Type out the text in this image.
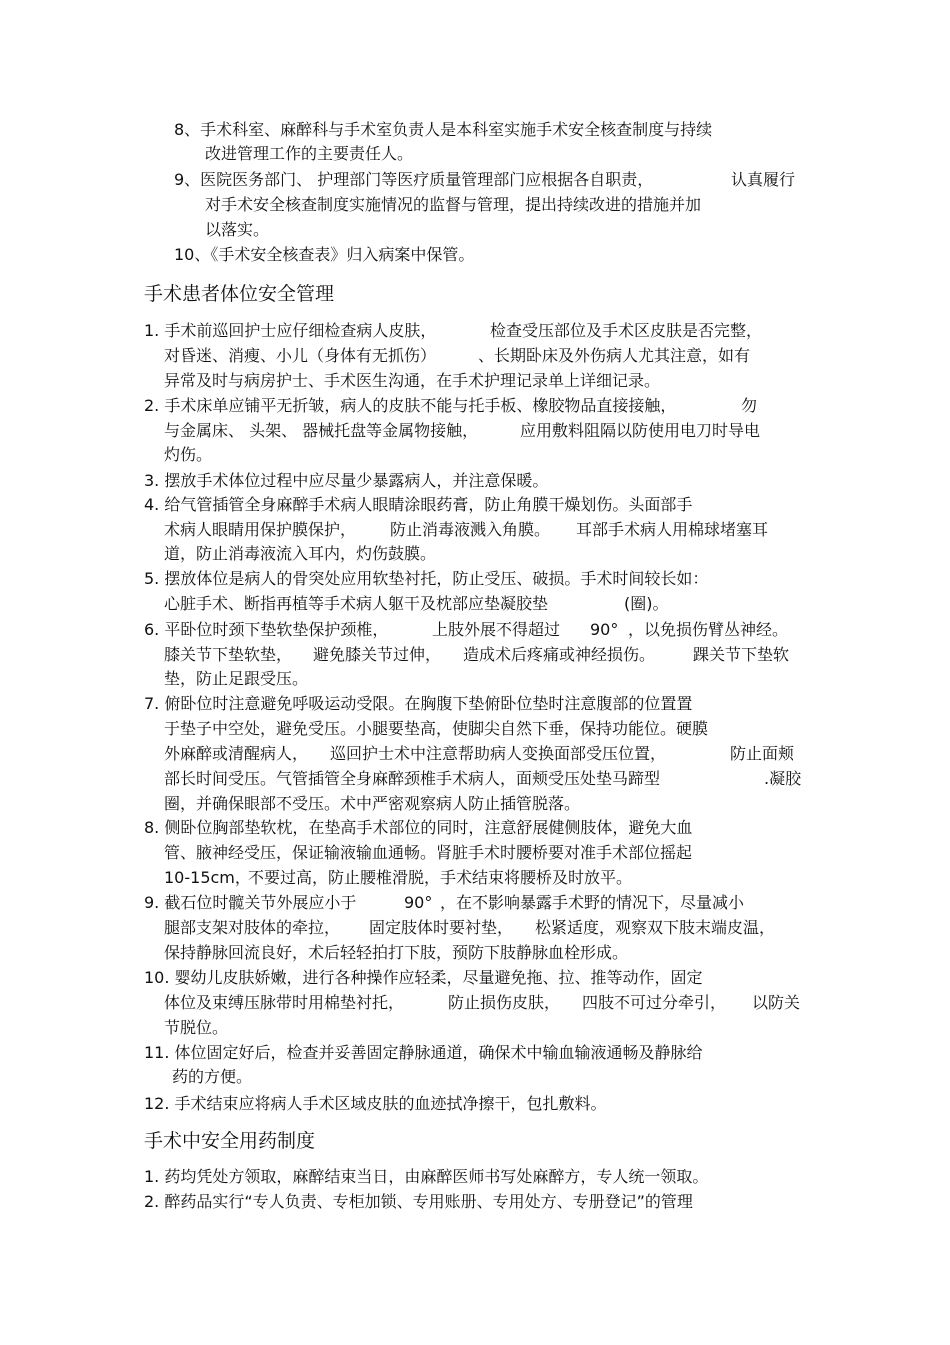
8、手术科室、麻醉科与手术室负责人是本科室实施手术安全核查制度与持续
改进管理工作的主要责任人。
9、医院医务部门、 护理部门等医疗质量管理部门应根据各自职责，	认真履行
对手术安全核查制度实施情况的监督与管理，提出持续改进的措施并加
以落实。
10、《手术安全核查表》归入病案中保管。
手术患者体位安全管理
1. 手术前巡回护士应仔细检查病人皮肤，	检查受压部位及手术区皮肤是否完整，
对昏迷、消瘦、小儿（身体有无抓伤）	、长期卧床及外伤病人尤其注意，如有
异常及时与病房护士、手术医生沟通，在手术护理记录单上详细记录。
2. 手术床单应铺平无折皱，病人的皮肤不能与托手板、橡胶物品直接接触，	勿
与金属床、 头架、 器械托盘等金属物接触，	应用敷料阻隔以防使用电刀时导电
灼伤。
3. 摆放手术体位过程中应尽量少暴露病人，并注意保暖。
4. 给气管插管全身麻醉手术病人眼睛涂眼药膏，防止角膜干燥划伤。头面部手
术病人眼睛用保护膜保护， 防止消毒液溅入角膜。 耳部手术病人用棉球堵塞耳
道，防止消毒液流入耳内，灼伤鼓膜。
5. 摆放体位是病人的骨突处应用软垫衬托，防止受压、破损。手术时间较长如：
心脏手术、断指再植等手术病人躯干及枕部应垫凝胶垫	(圈)。
6. 平卧位时颈下垫软垫保护颈椎，	上肢外展不得超过 90° ，以免损伤臂丛神经。
膝关节下垫软垫， 避免膝关节过伸， 造成术后疼痛或神经损伤。 踝关节下垫软
垫，防止足跟受压。
7. 俯卧位时注意避免呼吸运动受限。在胸腹下垫俯卧位垫时注意腹部的位置置
于垫子中空处，避免受压。小腿要垫高，使脚尖自然下垂，保持功能位。硬膜
外麻醉或清醒病人， 巡回护士术中注意帮助病人变换面部受压位置，	防止面颊
部长时间受压。气管插管全身麻醉颈椎手术病人，面颊受压处垫马蹄型	.凝胶
圈，并确保眼部不受压。术中严密观察病人防止插管脱落。
8. 侧卧位胸部垫软枕，在垫高手术部位的同时，注意舒展健侧肢体，避免大血
管、腋神经受压，保证输液输血通畅。肾脏手术时腰桥要对准手术部位摇起
10-15cm，
不要过高，防止腰椎滑脱，手术结束将腰桥及时放平。
9. 截石位时髋关节外展应小于	90° ，在不影响暴露手术野的情况下，尽量减小
腿部支架对肢体的牵拉， 固定肢体时要衬垫， 松紧适度，观察双下肢末端皮温，
保持静脉回流良好，术后轻轻拍打下肢，预防下肢静脉血栓形成。
10. 婴幼儿皮肤娇嫩，进行各种操作应轻柔，尽量避免拖、拉、推等动作，固定
体位及束缚压脉带时用棉垫衬托，	防止损伤皮肤， 四肢不可过分牵引， 以防关
节脱位。
11. 体位固定好后，检查并妥善固定静脉通道，确保术中输血输液通畅及静脉给
药的方便。
12. 手术结束应将病人手术区域皮肤的血迹拭净擦干，包扎敷料。
手术中安全用药制度
1. 药均凭处方领取，麻醉结束当日，由麻醉医师书写处麻醉方，专人统一领取。
2. 醉药品实行“专人负责、专柜加锁、专用账册、专用处方、专册登记”的管理
